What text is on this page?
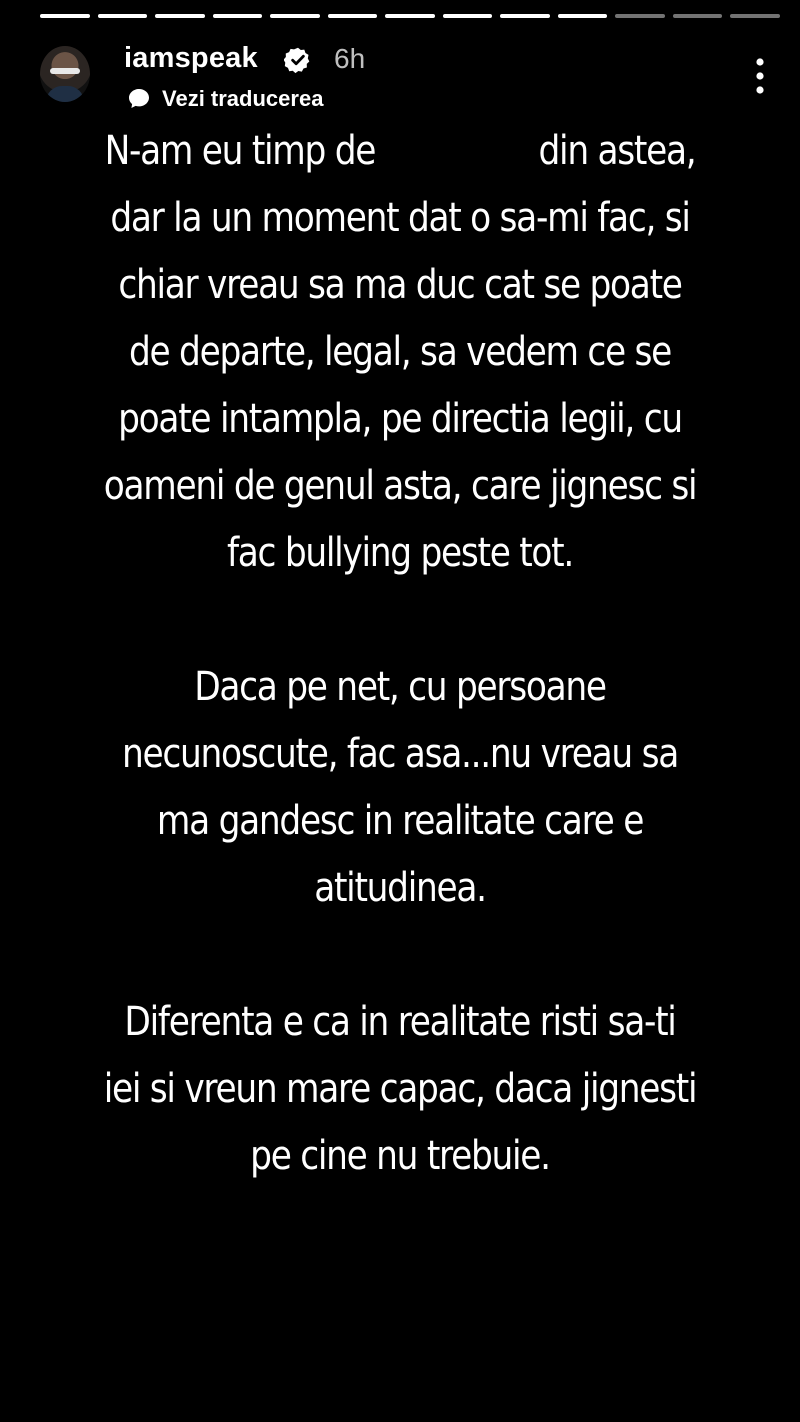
iamspeak	6h
Vezi traducerea
N-am eu timp de	din astea,
dar la un moment dat o sa-mi fac, si
chiar vreau sa ma duc cat se poate
de departe, legal, sa vedem ce se
poate intampla, pe directia legii, cu
oameni de genul asta, care jignesc si
fac bullying peste tot.
Daca pe net, cu persoane
necunoscute, fac asa...nu vreau sa
ma gandesc in realitate care e
atitudinea.
Diferenta e ca in realitate risti sa-ti
iei si vreun mare capac, daca jignesti
pe cine nu trebuie.
